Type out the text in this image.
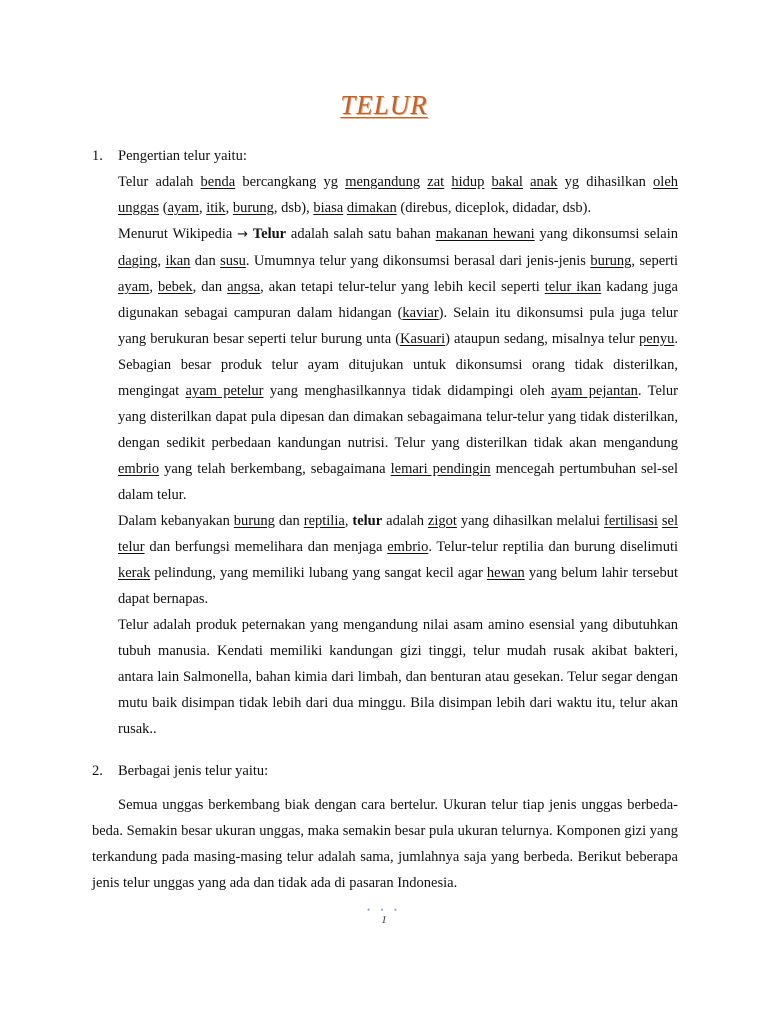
TELUR
1. Pengertian telur yaitu:

Telur adalah benda bercangkang yg mengandung zat hidup bakal anak yg dihasilkan oleh unggas (ayam, itik, burung, dsb), biasa dimakan (direbus, diceplok, didadar, dsb).

Menurut Wikipedia → Telur adalah salah satu bahan makanan hewani yang dikonsumsi selain daging, ikan dan susu. Umumnya telur yang dikonsumsi berasal dari jenis-jenis burung, seperti ayam, bebek, dan angsa, akan tetapi telur-telur yang lebih kecil seperti telur ikan kadang juga digunakan sebagai campuran dalam hidangan (kaviar). Selain itu dikonsumsi pula juga telur yang berukuran besar seperti telur burung unta (Kasuari) ataupun sedang, misalnya telur penyu. Sebagian besar produk telur ayam ditujukan untuk dikonsumsi orang tidak disterilkan, mengingat ayam petelur yang menghasilkannya tidak didampingi oleh ayam pejantan. Telur yang disterilkan dapat pula dipesan dan dimakan sebagaimana telur-telur yang tidak disterilkan, dengan sedikit perbedaan kandungan nutrisi. Telur yang disterilkan tidak akan mengandung embrio yang telah berkembang, sebagaimana lemari pendingin mencegah pertumbuhan sel-sel dalam telur.

Dalam kebanyakan burung dan reptilia, telur adalah zigot yang dihasilkan melalui fertilisasi sel telur dan berfungsi memelihara dan menjaga embrio. Telur-telur reptilia dan burung diselimuti kerak pelindung, yang memiliki lubang yang sangat kecil agar hewan yang belum lahir tersebut dapat bernapas.

Telur adalah produk peternakan yang mengandung nilai asam amino esensial yang dibutuhkan tubuh manusia. Kendati memiliki kandungan gizi tinggi, telur mudah rusak akibat bakteri, antara lain Salmonella, bahan kimia dari limbah, dan benturan atau gesekan. Telur segar dengan mutu baik disimpan tidak lebih dari dua minggu. Bila disimpan lebih dari waktu itu, telur akan rusak..

2. Berbagai jenis telur yaitu:

Semua unggas berkembang biak dengan cara bertelur. Ukuran telur tiap jenis unggas berbeda-beda. Semakin besar ukuran unggas, maka semakin besar pula ukuran telurnya. Komponen gizi yang terkandung pada masing-masing telur adalah sama, jumlahnya saja yang berbeda. Berikut beberapa jenis telur unggas yang ada dan tidak ada di pasaran Indonesia.

• • •
1
